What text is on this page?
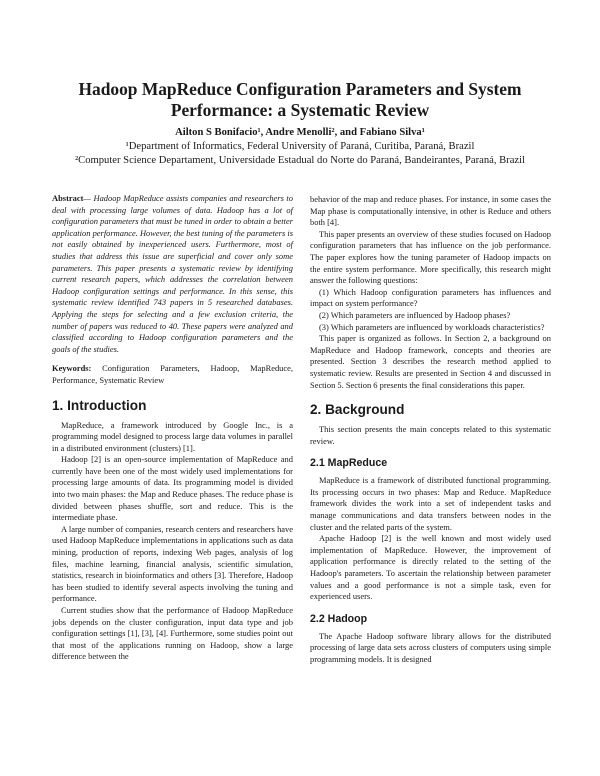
Hadoop MapReduce Configuration Parameters and System
Performance: a Systematic Review
Ailton S Bonifacio¹, Andre Menolli², and Fabiano Silva¹
¹Department of Informatics, Federal University of Paraná, Curitiba, Paraná, Brazil
²Computer Science Departament, Universidade Estadual do Norte do Paraná, Bandeirantes, Paraná, Brazil

Abstract— Hadoop MapReduce assists companies and researchers to deal with processing large volumes of data. Hadoop has a lot of configuration parameters that must be tuned in order to obtain a better application performance. However, the best tuning of the parameters is not easily obtained by inexperienced users. Furthermore, most of studies that address this issue are superficial and cover only some parameters. This paper presents a systematic review by identifying current research papers, which addresses the correlation between Hadoop configuration settings and performance. In this sense, this systematic review identified 743 papers in 5 researched databases. Applying the steps for selecting and a few exclusion criteria, the number of papers was reduced to 40. These papers were analyzed and classified according to Hadoop configuration parameters and the goals of the studies.

Keywords: Configuration Parameters, Hadoop, MapReduce, Performance, Systematic Review

1. Introduction

MapReduce, a framework introduced by Google Inc., is a programming model designed to process large data volumes in parallel in a distributed environment (clusters) [1].

Hadoop [2] is an open-source implementation of MapReduce and currently have been one of the most widely used implementations for processing large amounts of data. Its programming model is divided into two main phases: the Map and Reduce phases. The reduce phase is divided between phases shuffle, sort and reduce. This is the intermediate phase.

A large number of companies, research centers and researchers have used Hadoop MapReduce implementations in applications such as data mining, production of reports, indexing Web pages, analysis of log files, machine learning, financial analysis, scientific simulation, statistics, research in bioinformatics and others [3]. Therefore, Hadoop has been studied to identify several aspects involving the tuning and performance.

Current studies show that the performance of Hadoop MapReduce jobs depends on the cluster configuration, input data type and job configuration settings [1], [3], [4]. Furthermore, some studies point out that most of the applications running on Hadoop, show a large difference between the

behavior of the map and reduce phases. For instance, in some cases the Map phase is computationally intensive, in other is Reduce and others both [4].

This paper presents an overview of these studies focused on Hadoop configuration parameters that has influence on the job performance. The paper explores how the tuning parameter of Hadoop impacts on the entire system performance. More specifically, this research might answer the following questions:

(1) Which Hadoop configuration parameters has influences and impact on system performance?

(2) Which parameters are influenced by Hadoop phases?

(3) Which parameters are influenced by workloads characteristics?

This paper is organized as follows. In Section 2, a background on MapReduce and Hadoop framework, concepts and theories are presented. Section 3 describes the research method applied to systematic review. Results are presented in Section 4 and discussed in Section 5. Section 6 presents the final considerations this paper.

2. Background

This section presents the main concepts related to this systematic review.

2.1 MapReduce

MapReduce is a framework of distributed functional programming. Its processing occurs in two phases: Map and Reduce. MapReduce framework divides the work into a set of independent tasks and manage communications and data transfers between nodes in the cluster and the related parts of the system.

Apache Hadoop [2] is the well known and most widely used implementation of MapReduce. However, the improvement of application performance is directly related to the setting of the Hadoop's parameters. To ascertain the relationship between parameter values and a good performance is not a simple task, even for experienced users.

2.2 Hadoop

The Apache Hadoop software library allows for the distributed processing of large data sets across clusters of computers using simple programming models. It is designed
